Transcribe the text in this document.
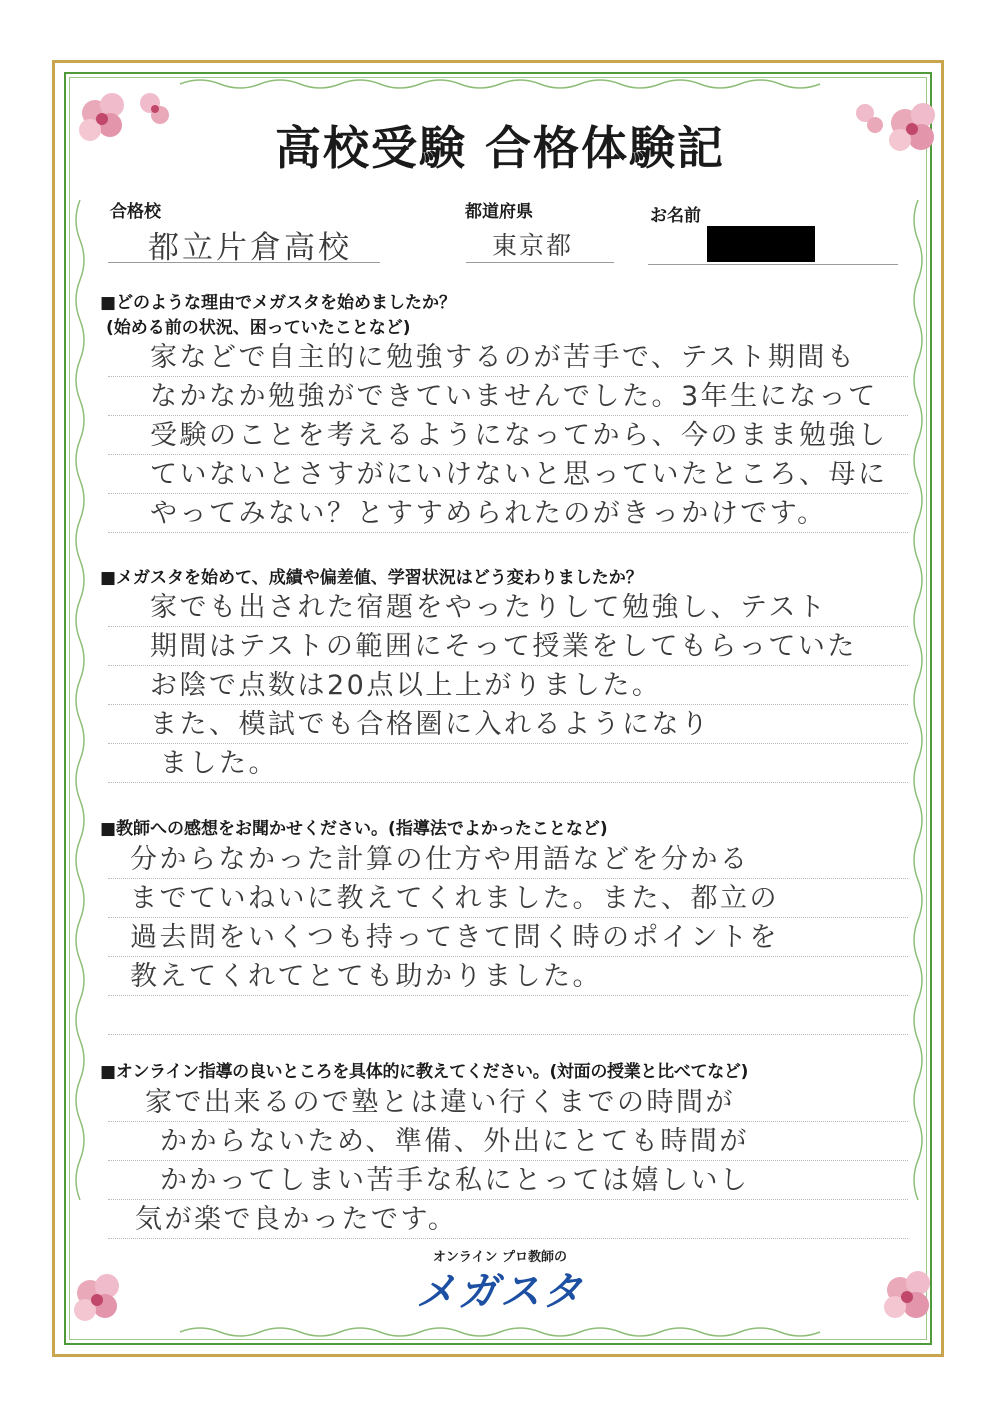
高校受験 合格体験記
合格校
都立片倉高校
都道府県
東京都
お名前
■どのような理由でメガスタを始めましたか？
(始める前の状況、困っていたことなど)
家などで自主的に勉強するのが苦手で、テスト期間も
なかなか勉強ができていませんでした。3年生になって
受験のことを考えるようになってから、今のまま勉強し
ていないとさすがにいけないと思っていたところ、母に
やってみない？とすすめられたのがきっかけです。
■メガスタを始めて、成績や偏差値、学習状況はどう変わりましたか？
家でも出された宿題をやったりして勉強し、テスト
期間はテストの範囲にそって授業をしてもらっていた
お陰で点数は20点以上上がりました。
また、模試でも合格圏に入れるようになり
ました。
■教師への感想をお聞かせください。(指導法でよかったことなど)
分からなかった計算の仕方や用語などを分かる
までていねいに教えてくれました。また、都立の
過去問をいくつも持ってきて問く時のポイントを
教えてくれてとても助かりました。
■オンライン指導の良いところを具体的に教えてください。(対面の授業と比べてなど)
家で出来るので塾とは違い行くまでの時間が
かからないため、準備、外出にとても時間が
かかってしまい苦手な私にとっては嬉しいし
気が楽で良かったです。
オンライン プロ教師の
メガスタ
